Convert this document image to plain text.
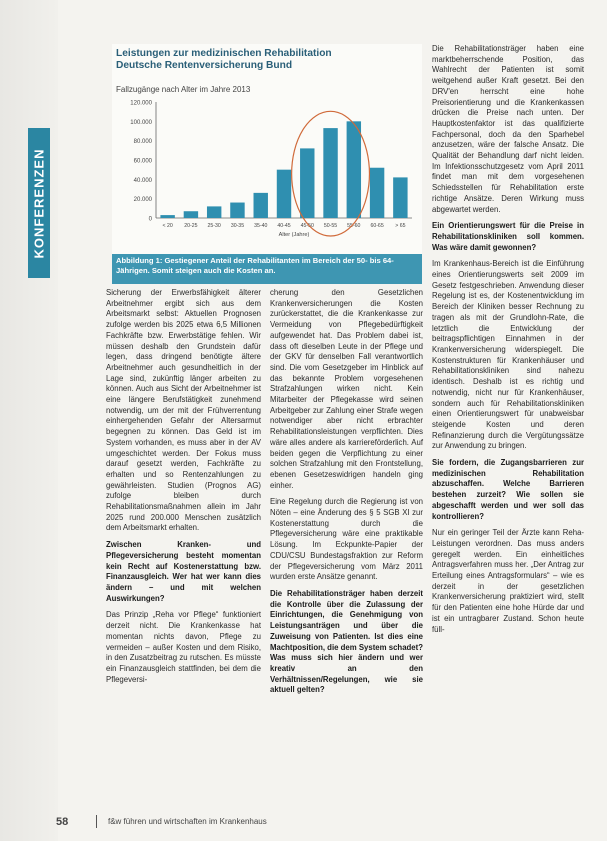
KONFERENZEN
Leistungen zur medizinischen Rehabilitation
Deutsche Rentenversicherung Bund
Fallzugänge nach Alter im Jahre 2013
0
20.000
40.000
60.000
80.000
100.000
120.000
< 20 20-25 25-30 30-35 35-40 40-45 45-50 50-55 55-60 60-65 > 65
Alter (Jahre)
Abbildung 1: Gestiegener Anteil der Rehabilitanten im Bereich der 50- bis 64-Jährigen. Somit steigen auch die Kosten an.

Sicherung der Erwerbsfähigkeit älterer Arbeitnehmer ergibt sich aus dem Arbeitsmarkt selbst: Aktuellen Prognosen zufolge werden bis 2025 etwa 6,5 Millionen Fachkräfte bzw. Erwerbstätige fehlen. Wir müssen deshalb den Grundstein dafür legen, dass dringend benötigte ältere Arbeitnehmer auch gesundheitlich in der Lage sind, zukünftig länger arbeiten zu können. Auch aus Sicht der Arbeitnehmer ist eine längere Berufstätigkeit zunehmend notwendig, um der mit der Frühverrentung einhergehenden Gefahr der Altersarmut begegnen zu können. Das Geld ist im System vorhanden, es muss aber in der AV umgeschichtet werden. Der Fokus muss darauf gesetzt werden, Fachkräfte zu erhalten und so Rentenzahlungen zu gewährleisten. Studien (Prognos AG) zufolge bleiben durch Rehabilitationsmaßnahmen allein im Jahr 2025 rund 200.000 Menschen zusätzlich dem Arbeitsmarkt erhalten.

Zwischen Kranken- und Pflegeversicherung besteht momentan kein Recht auf Kostenerstattung bzw. Finanzausgleich. Wer hat wer kann dies ändern – und mit welchen Auswirkungen?

Das Prinzip „Reha vor Pflege“ funktioniert derzeit nicht. Die Krankenkasse hat momentan nichts davon, Pflege zu vermeiden – außer Kosten und dem Risiko, in den Zusatzbeitrag zu rutschen. Es müsste ein Finanzausgleich stattfinden, bei dem die Pflegeversi-

cherung den Gesetzlichen Krankenversicherungen die Kosten zurückerstattet, die die Krankenkasse zur Vermeidung von Pflegebedürftigkeit aufgewendet hat. Das Problem dabei ist, dass oft dieselben Leute in der Pflege und der GKV für denselben Fall verantwortlich sind. Die vom Gesetzgeber im Hinblick auf das bekannte Problem vorgesehenen Strafzahlungen wirken nicht. Kein Mitarbeiter der Pflegekasse wird seinen Arbeitgeber zur Zahlung einer Strafe wegen notwendiger aber nicht erbrachter Rehabilitationsleistungen verpflichten. Dies wäre alles andere als karriereförderlich. Auf beiden gegen die Verpflichtung zu einer solchen Strafzahlung mit den Frontstellung, ebenen Gesetzeswidrigen handeln ging einher.

Eine Regelung durch die Regierung ist von Nöten – eine Änderung des § 5 SGB XI zur Kostenerstattung durch die Pflegeversicherung wäre eine praktikable Lösung. Im Eckpunkte-Papier der CDU/CSU Bundestagsfraktion zur Reform der Pflegeversicherung vom März 2011 wurden erste Ansätze genannt.

Die Rehabilitationsträger haben derzeit die Kontrolle über die Zulassung der Einrichtungen, die Genehmigung von Leistungsanträgen und über die Zuweisung von Patienten. Ist dies eine Machtposition, die dem System schadet? Was muss sich hier ändern und wer kreativ an den Verhältnissen/Regelungen, wie sie aktuell gelten?

Die Rehabilitationsträger haben eine marktbeherrschende Position, das Wahlrecht der Patienten ist somit weitgehend außer Kraft gesetzt. Bei den DRV'en herrscht eine hohe Preisorientierung und die Krankenkassen drücken die Preise nach unten. Der Hauptkostenfaktor ist das qualifizierte Fachpersonal, doch da den Sparhebel anzusetzen, wäre der falsche Ansatz. Die Qualität der Behandlung darf nicht leiden. Im Infektionsschutzgesetz vom April 2011 findet man mit dem vorgesehenen Schiedsstellen für Rehabilitation erste richtige Ansätze. Deren Wirkung muss abgewartet werden.

Ein Orientierungswert für die Preise in Rehabilitationskliniken soll kommen. Was wäre damit gewonnen?

Im Krankenhaus-Bereich ist die Einführung eines Orientierungswerts seit 2009 im Gesetz festgeschrieben. Anwendung dieser Regelung ist es, der Kostenentwicklung im Bereich der Kliniken besser Rechnung zu tragen als mit der Grundlohn-Rate, die letztlich die Entwicklung der beitragspflichtigen Einnahmen in der Krankenversicherung widerspiegelt. Die Kostenstrukturen für Krankenhäuser und Rehabilitationskliniken sind nahezu identisch. Deshalb ist es richtig und notwendig, nicht nur für Krankenhäuser, sondern auch für Rehabilitationskliniken einen Orientierungswert für unabweisbar steigende Kosten und deren Refinanzierung durch die Vergütungssätze zur Anwendung zu bringen.

Sie fordern, die Zugangsbarrieren zur medizinischen Rehabilitation abzuschaffen. Welche Barrieren bestehen zurzeit? Wie sollen sie abgeschafft werden und wer soll das kontrollieren?

Nur ein geringer Teil der Ärzte kann Reha-Leistungen verordnen. Das muss anders geregelt werden. Ein einheitliches Antragsverfahren muss her. „Der Antrag zur Erteilung eines Antragsformulars“ – wie es derzeit in der gesetzlichen Krankenversicherung praktiziert wird, stellt für den Patienten eine hohe Hürde dar und ist ein untragbarer Zustand. Schon heute füll-

58	f&w führen und wirtschaften im Krankenhaus
